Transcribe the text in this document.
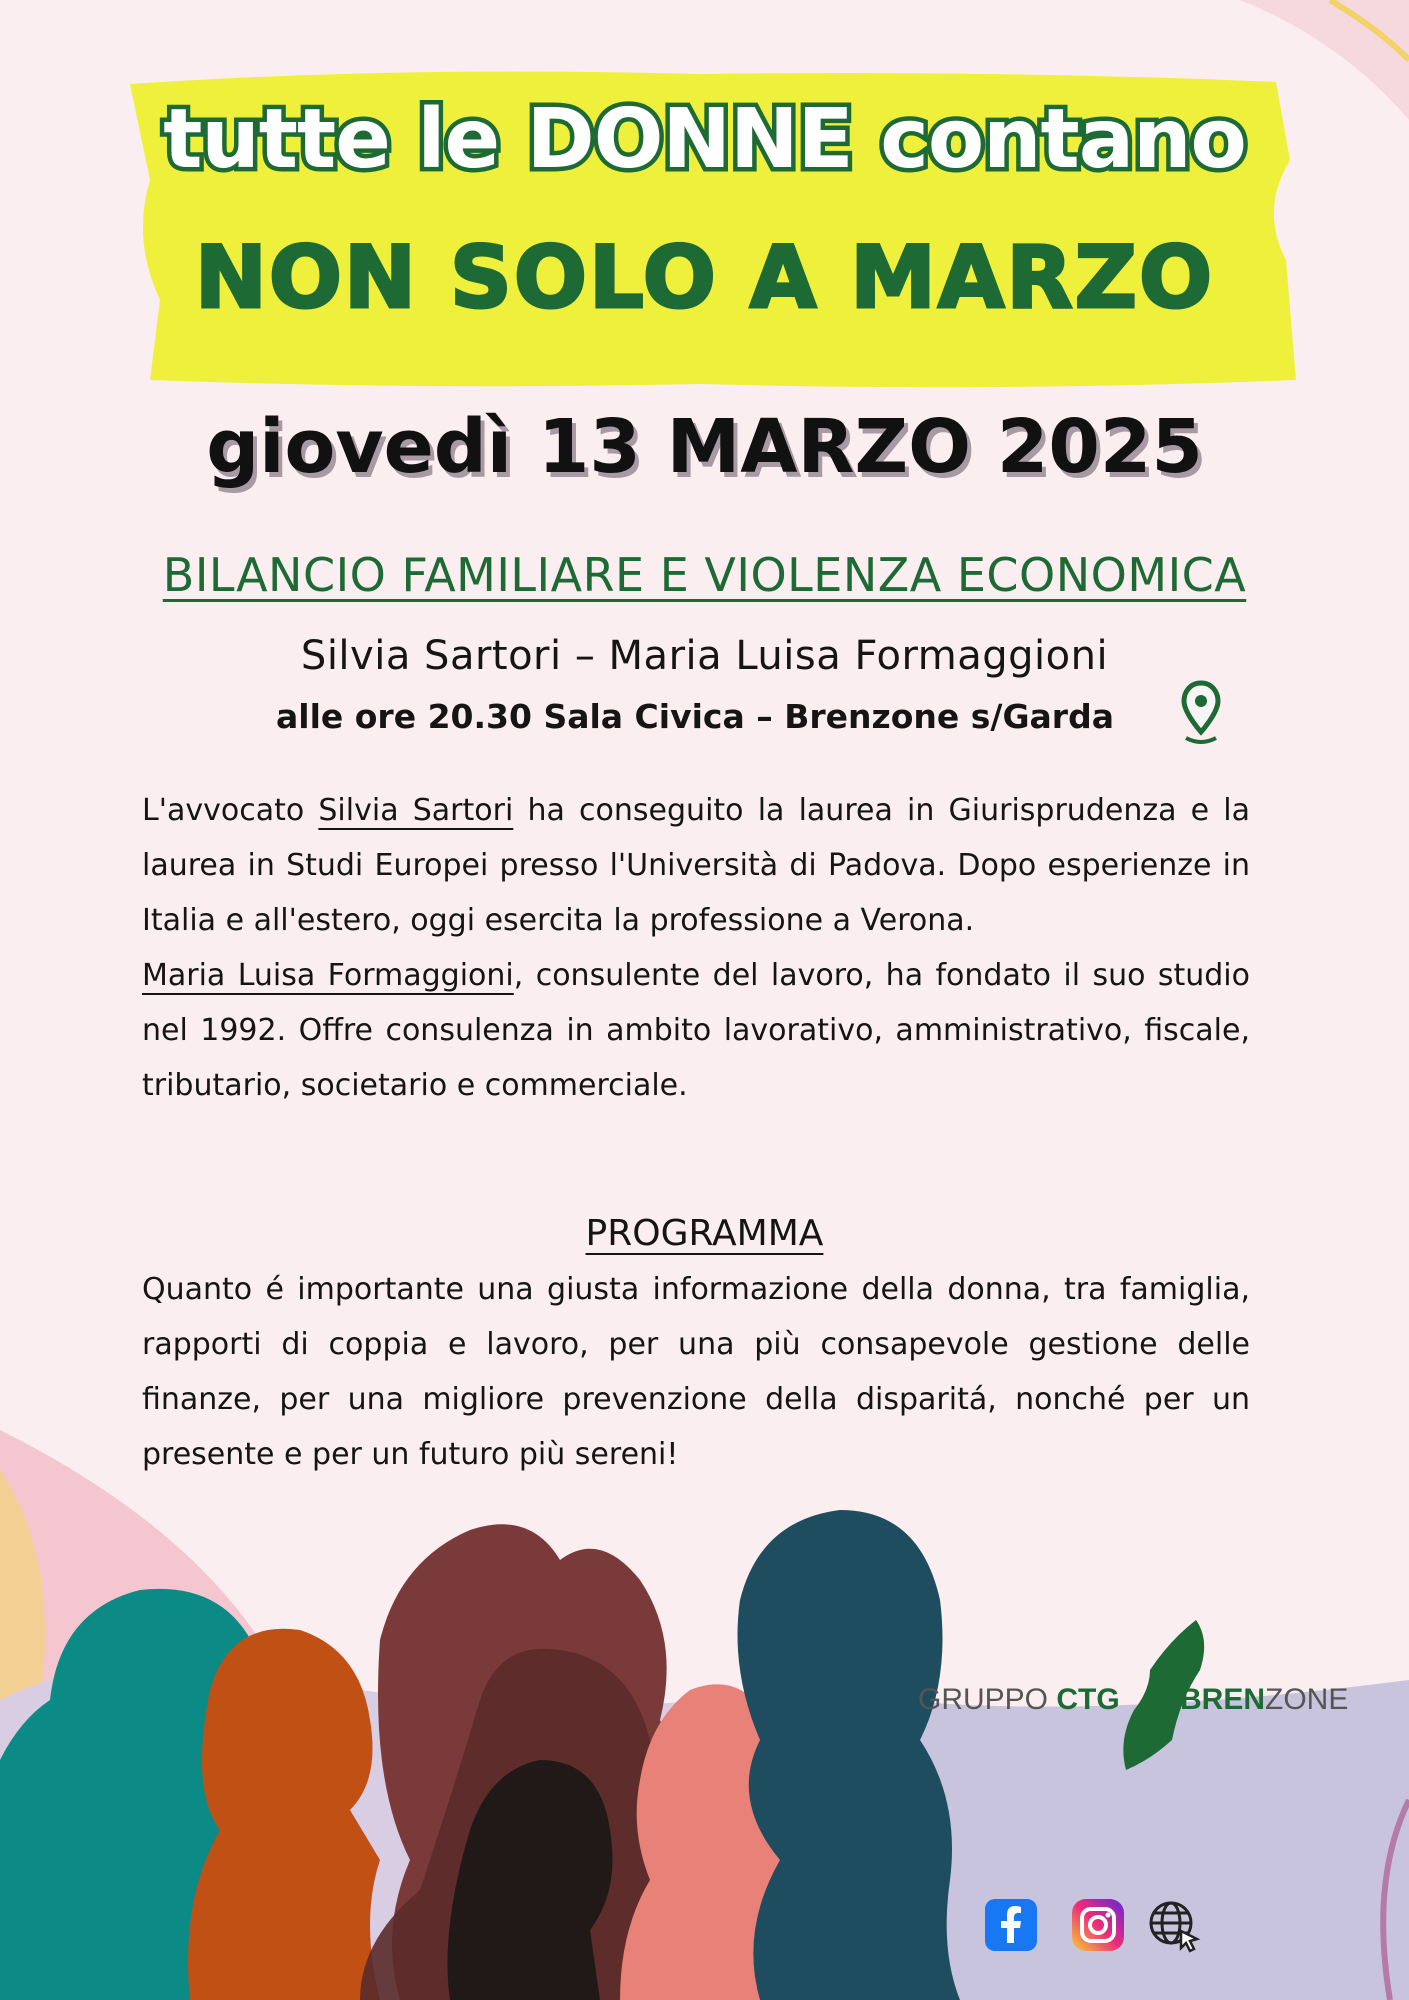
tutte le DONNE contano
NON SOLO A MARZO
giovedì 13 MARZO 2025
BILANCIO FAMILIARE E VIOLENZA ECONOMICA
Silvia Sartori – Maria Luisa Formaggioni
alle ore 20.30 Sala Civica – Brenzone s/Garda

L'avvocato Silvia Sartori ha conseguito la laurea in Giurisprudenza e la laurea in Studi Europei presso l'Università di Padova. Dopo esperienze in Italia e all'estero, oggi esercita la professione a Verona.
Maria Luisa Formaggioni, consulente del lavoro, ha fondato il suo studio nel 1992. Offre consulenza in ambito lavorativo, amministrativo, fiscale, tributario, societario e commerciale.

PROGRAMMA

Quanto é importante una giusta informazione della donna, tra famiglia, rapporti di coppia e lavoro, per una più consapevole gestione delle finanze, per una migliore prevenzione della disparitá, nonché per un presente e per un futuro più sereni!

GRUPPO CTG BRENZONE
